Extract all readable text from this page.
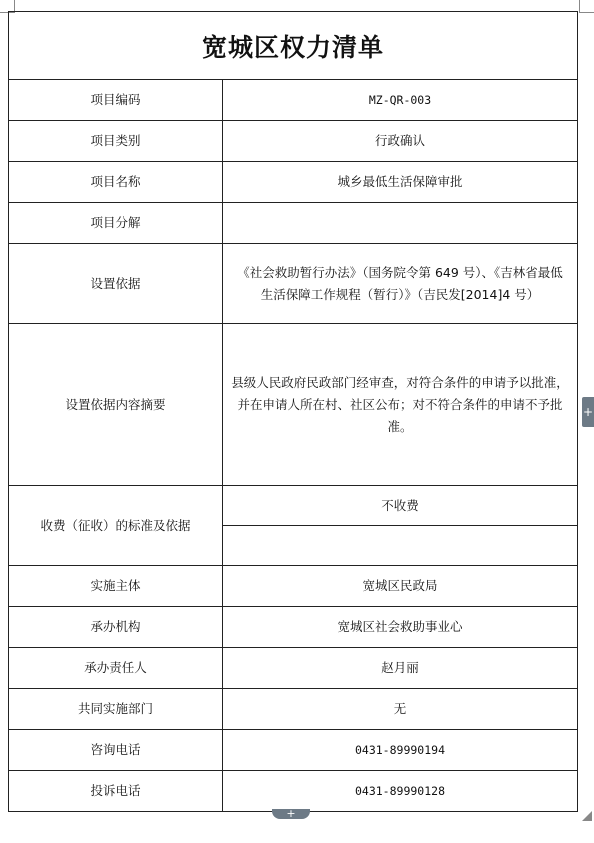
宽城区权力清单
项目编码	MZ-QR-003
项目类别	行政确认
项目名称	城乡最低生活保障审批
项目分解	
设置依据	《社会救助暂行办法》（国务院令第 649 号）、《吉林省最低生活保障工作规程（暂行）》（吉民发[2014]4 号）
设置依据内容摘要	县级人民政府民政部门经审查，对符合条件的申请予以批准，并在申请人所在村、社区公布；对不符合条件的申请不予批准。
收费（征收）的标准及依据	不收费

实施主体	宽城区民政局
承办机构	宽城区社会救助事业心
承办责任人	赵月丽
共同实施部门	无
咨询电话	0431-89990194
投诉电话	0431-89990128
+
+
